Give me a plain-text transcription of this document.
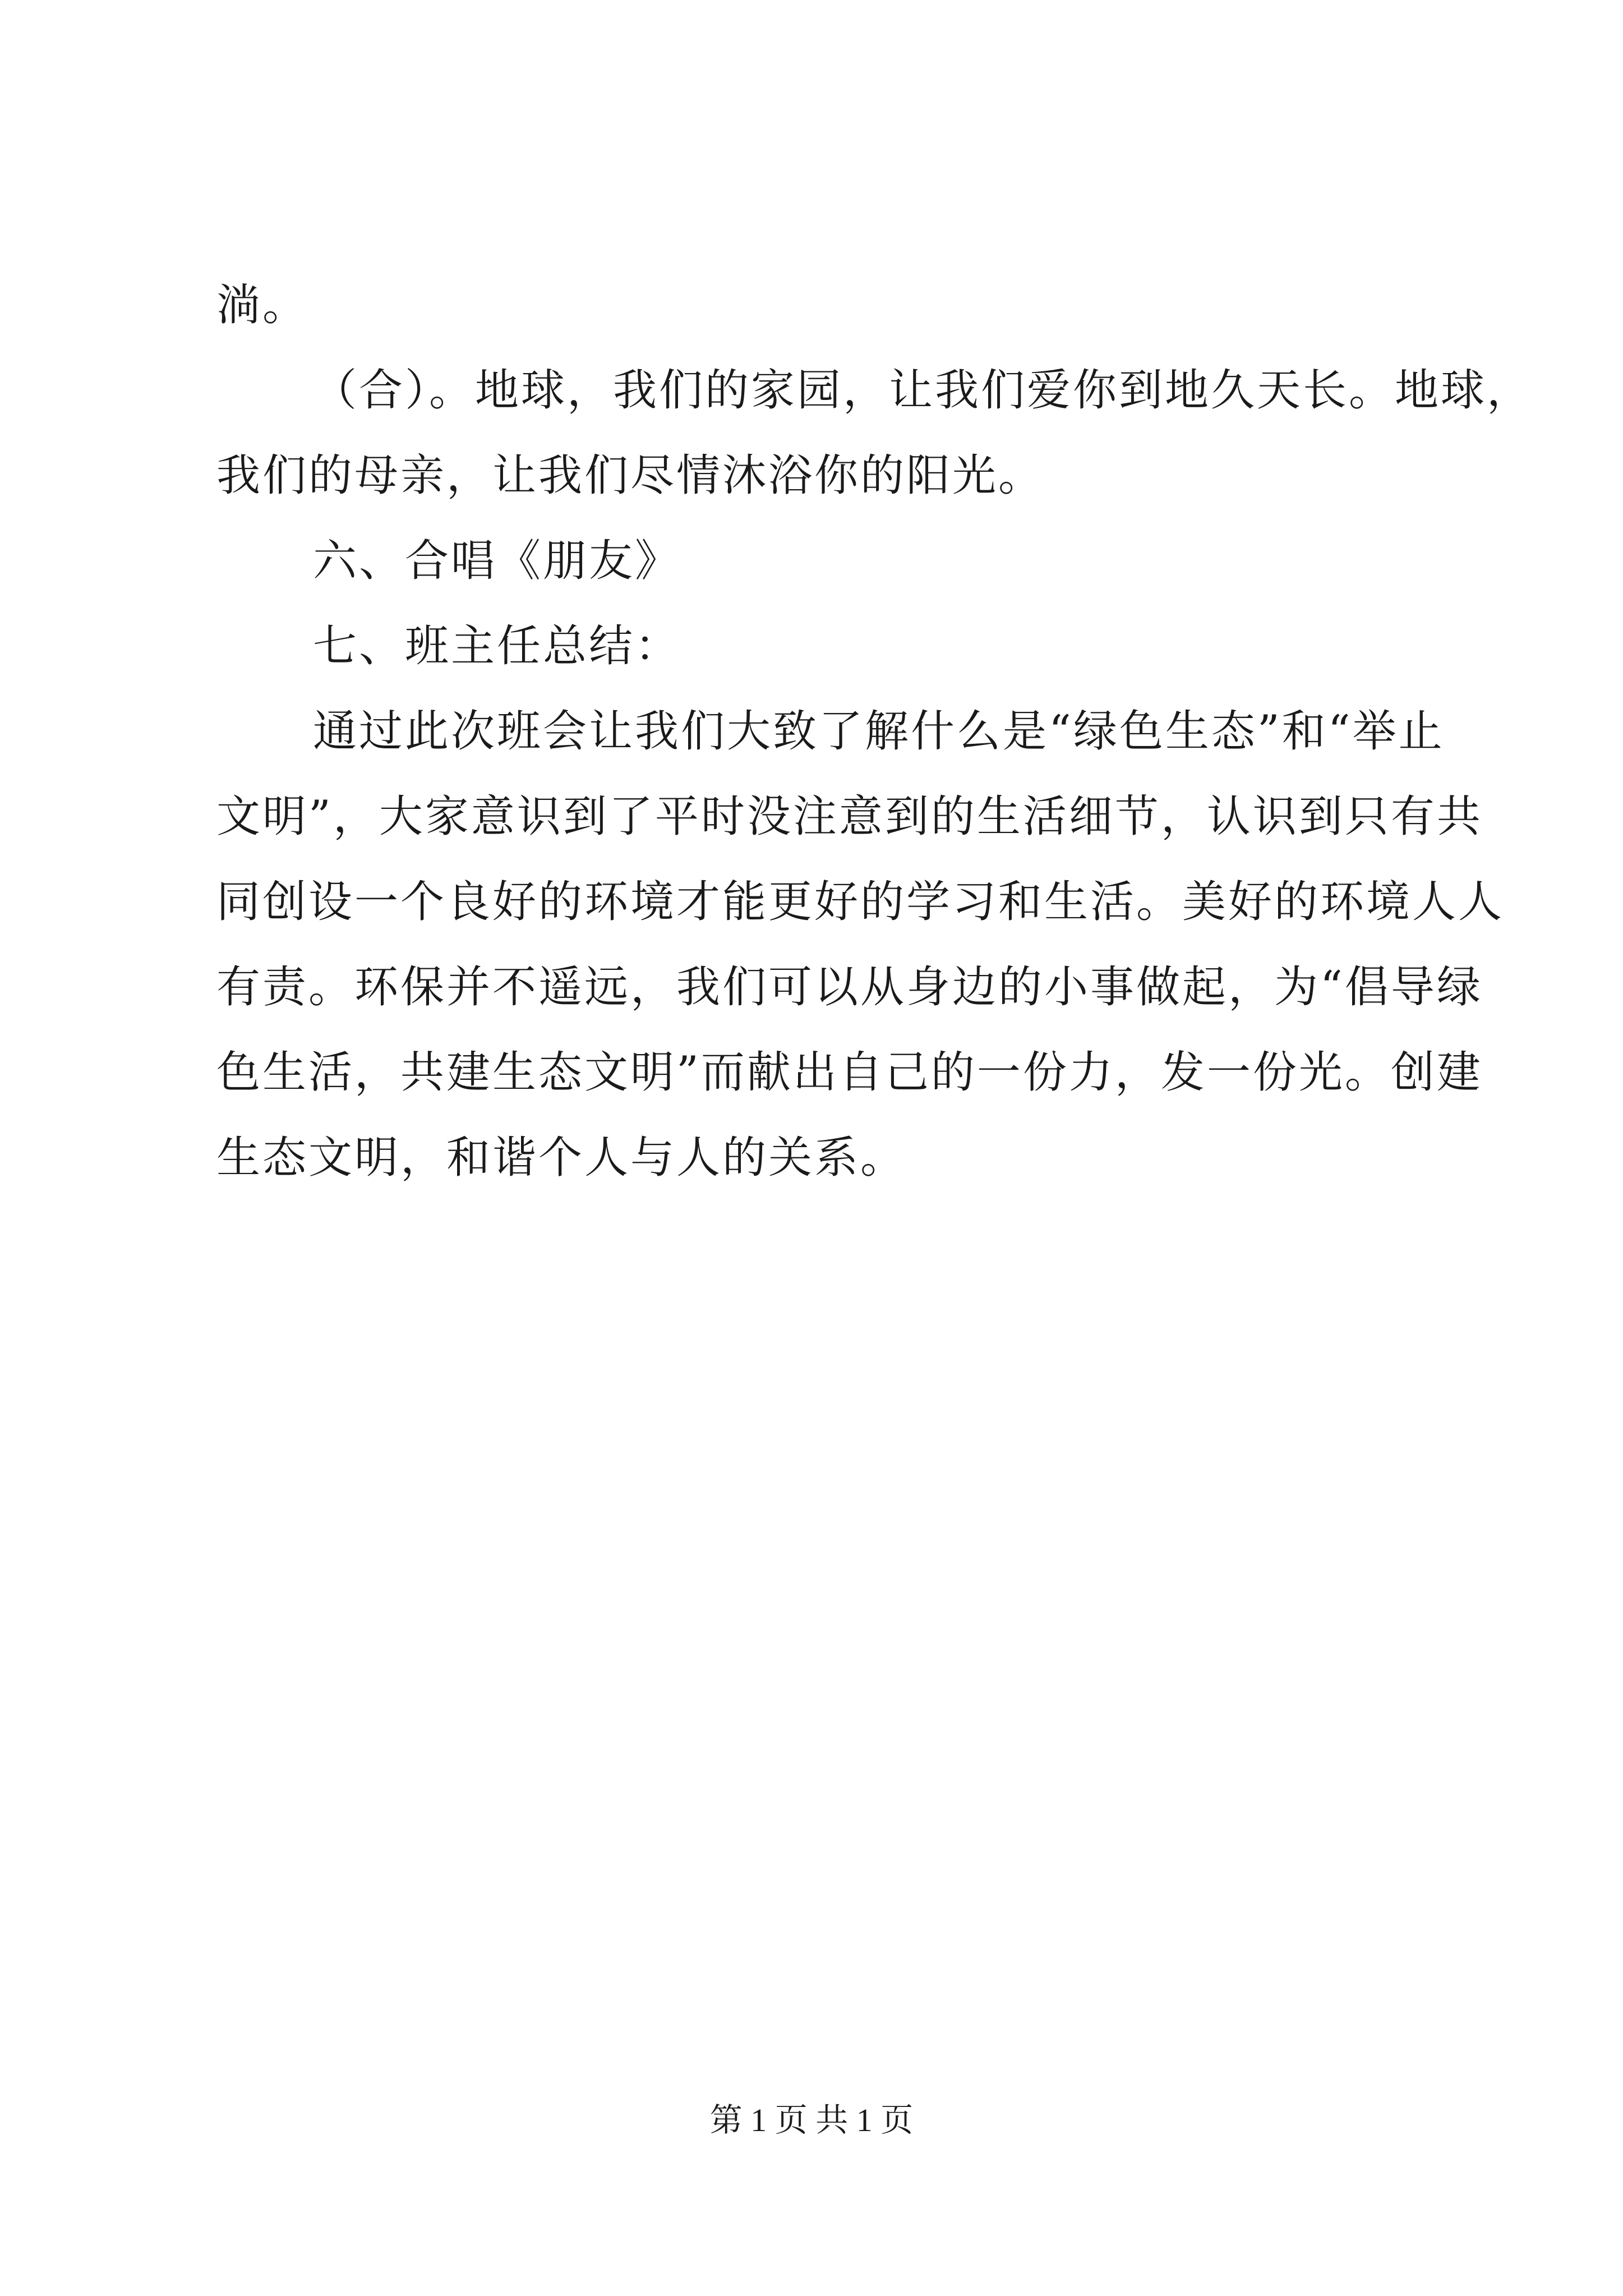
淌。
（合）。地球，我们的家园，让我们爱你到地久天长。地球，
我们的母亲，让我们尽情沐浴你的阳光。
六、合唱《朋友》
七、班主任总结：
通过此次班会让我们大致了解什么是“绿色生态”和“举止
文明”，大家意识到了平时没注意到的生活细节，认识到只有共
同创设一个良好的环境才能更好的学习和生活。美好的环境人人
有责。环保并不遥远，我们可以从身边的小事做起，为“倡导绿
色生活，共建生态文明”而献出自己的一份力，发一份光。创建
生态文明，和谐个人与人的关系。
第 1 页 共 1 页
